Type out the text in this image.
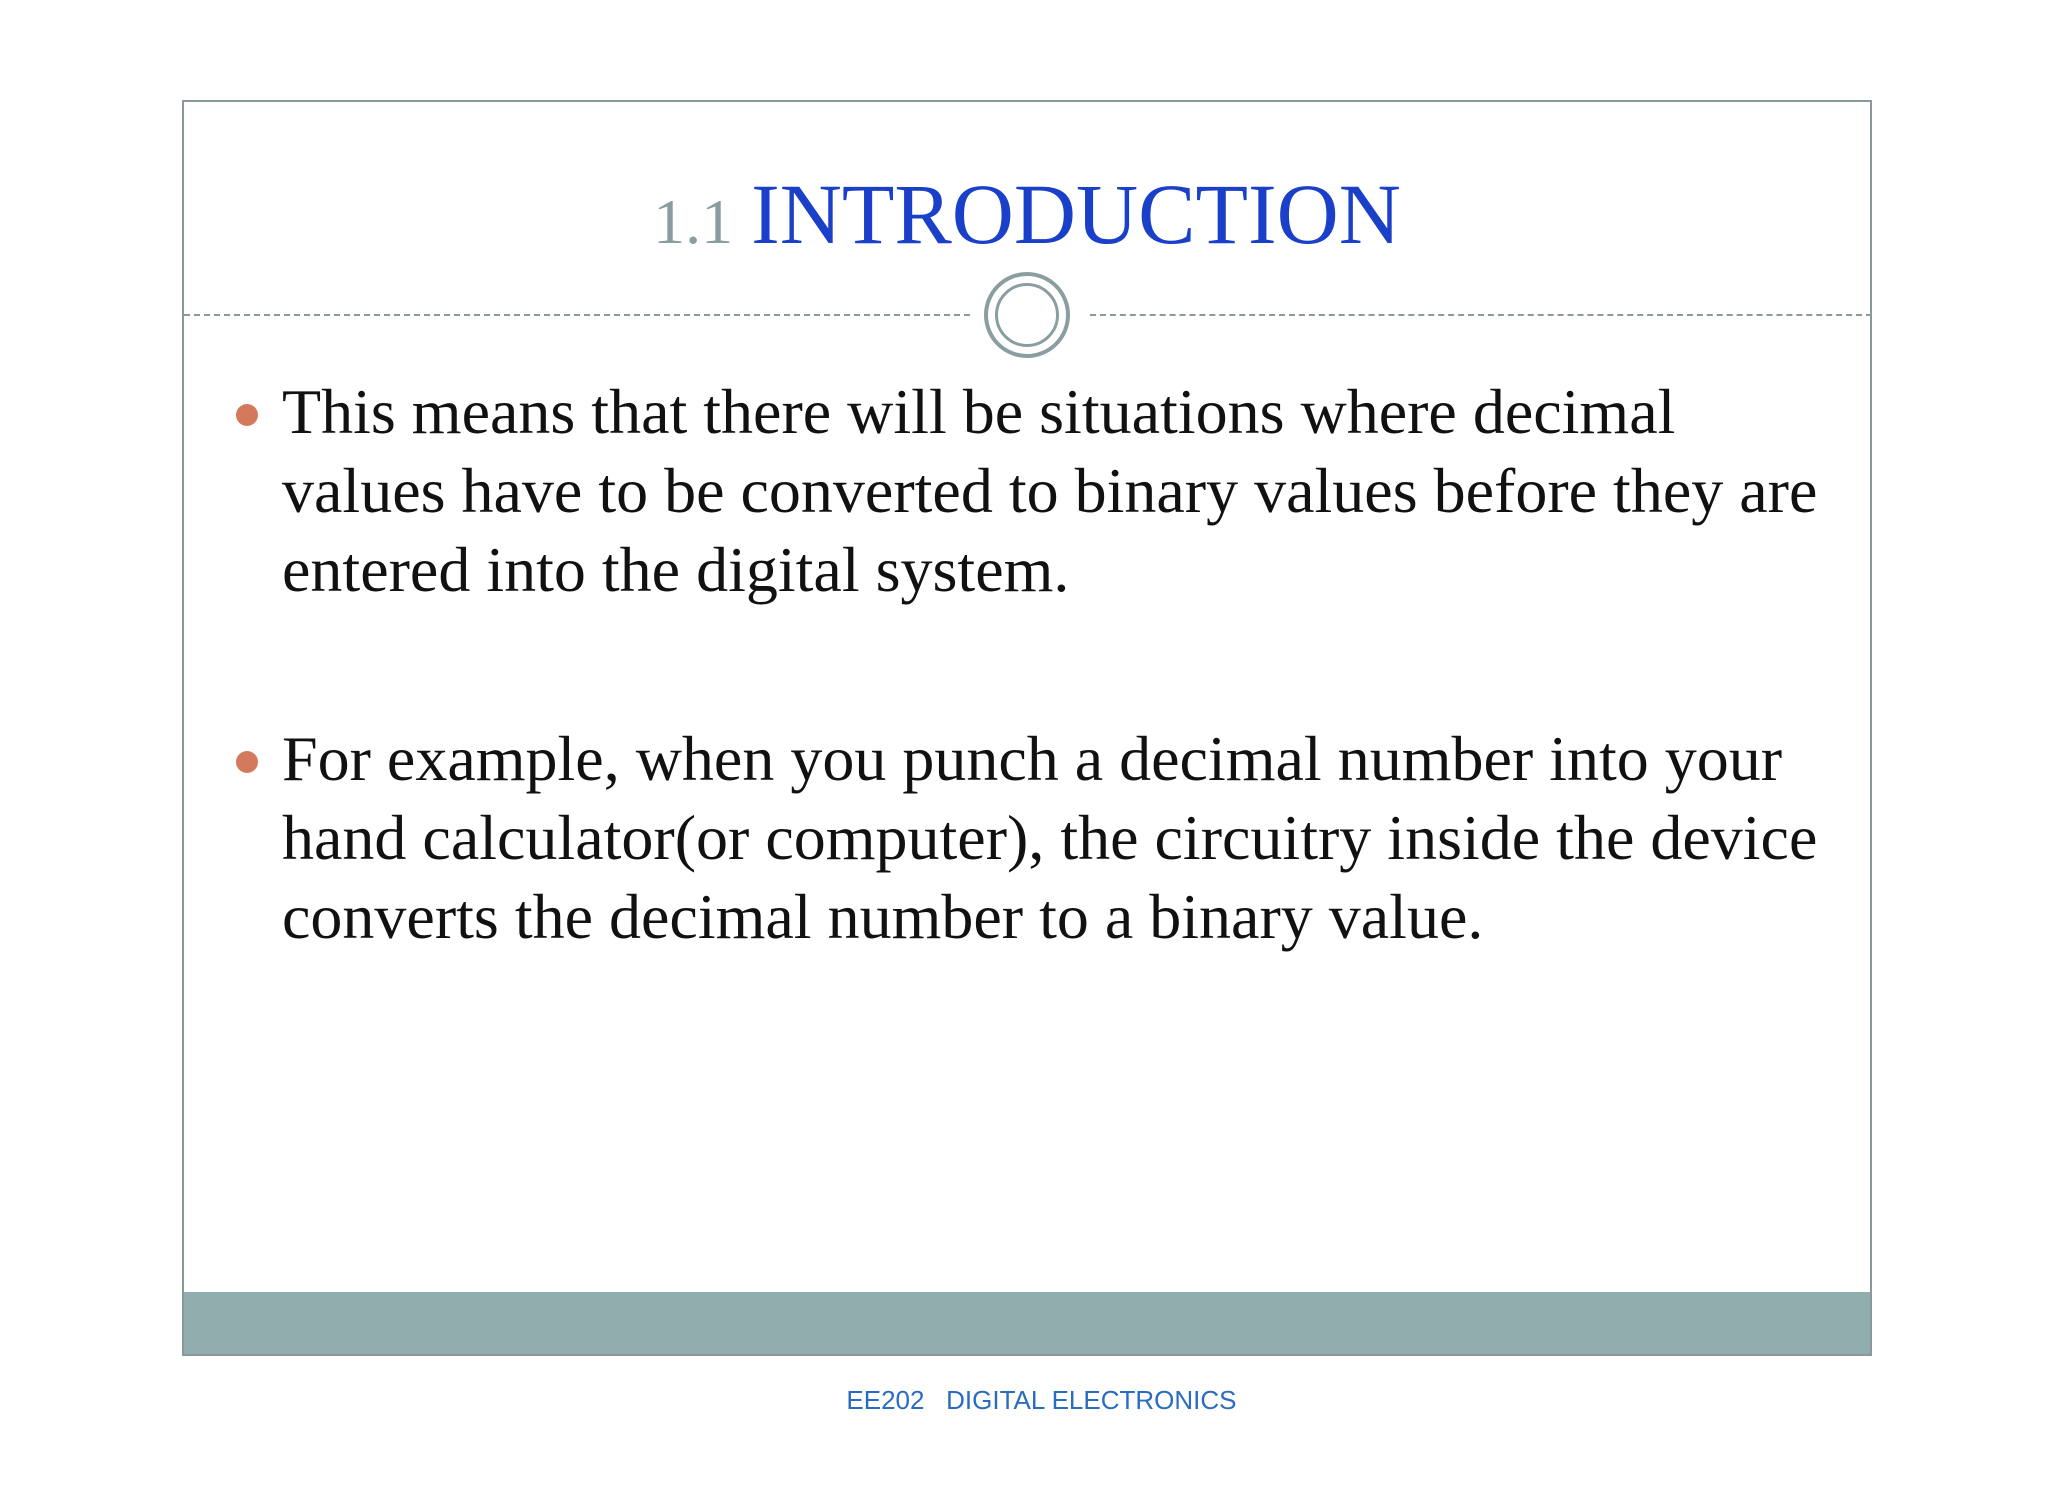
1.1 INTRODUCTION
This means that there will be situations where decimal values have to be converted to binary values before they are entered into the digital system.
For example, when you punch a decimal number into your hand calculator(or computer), the circuitry inside the device converts the decimal number to a binary value.

EE202   DIGITAL ELECTRONICS
